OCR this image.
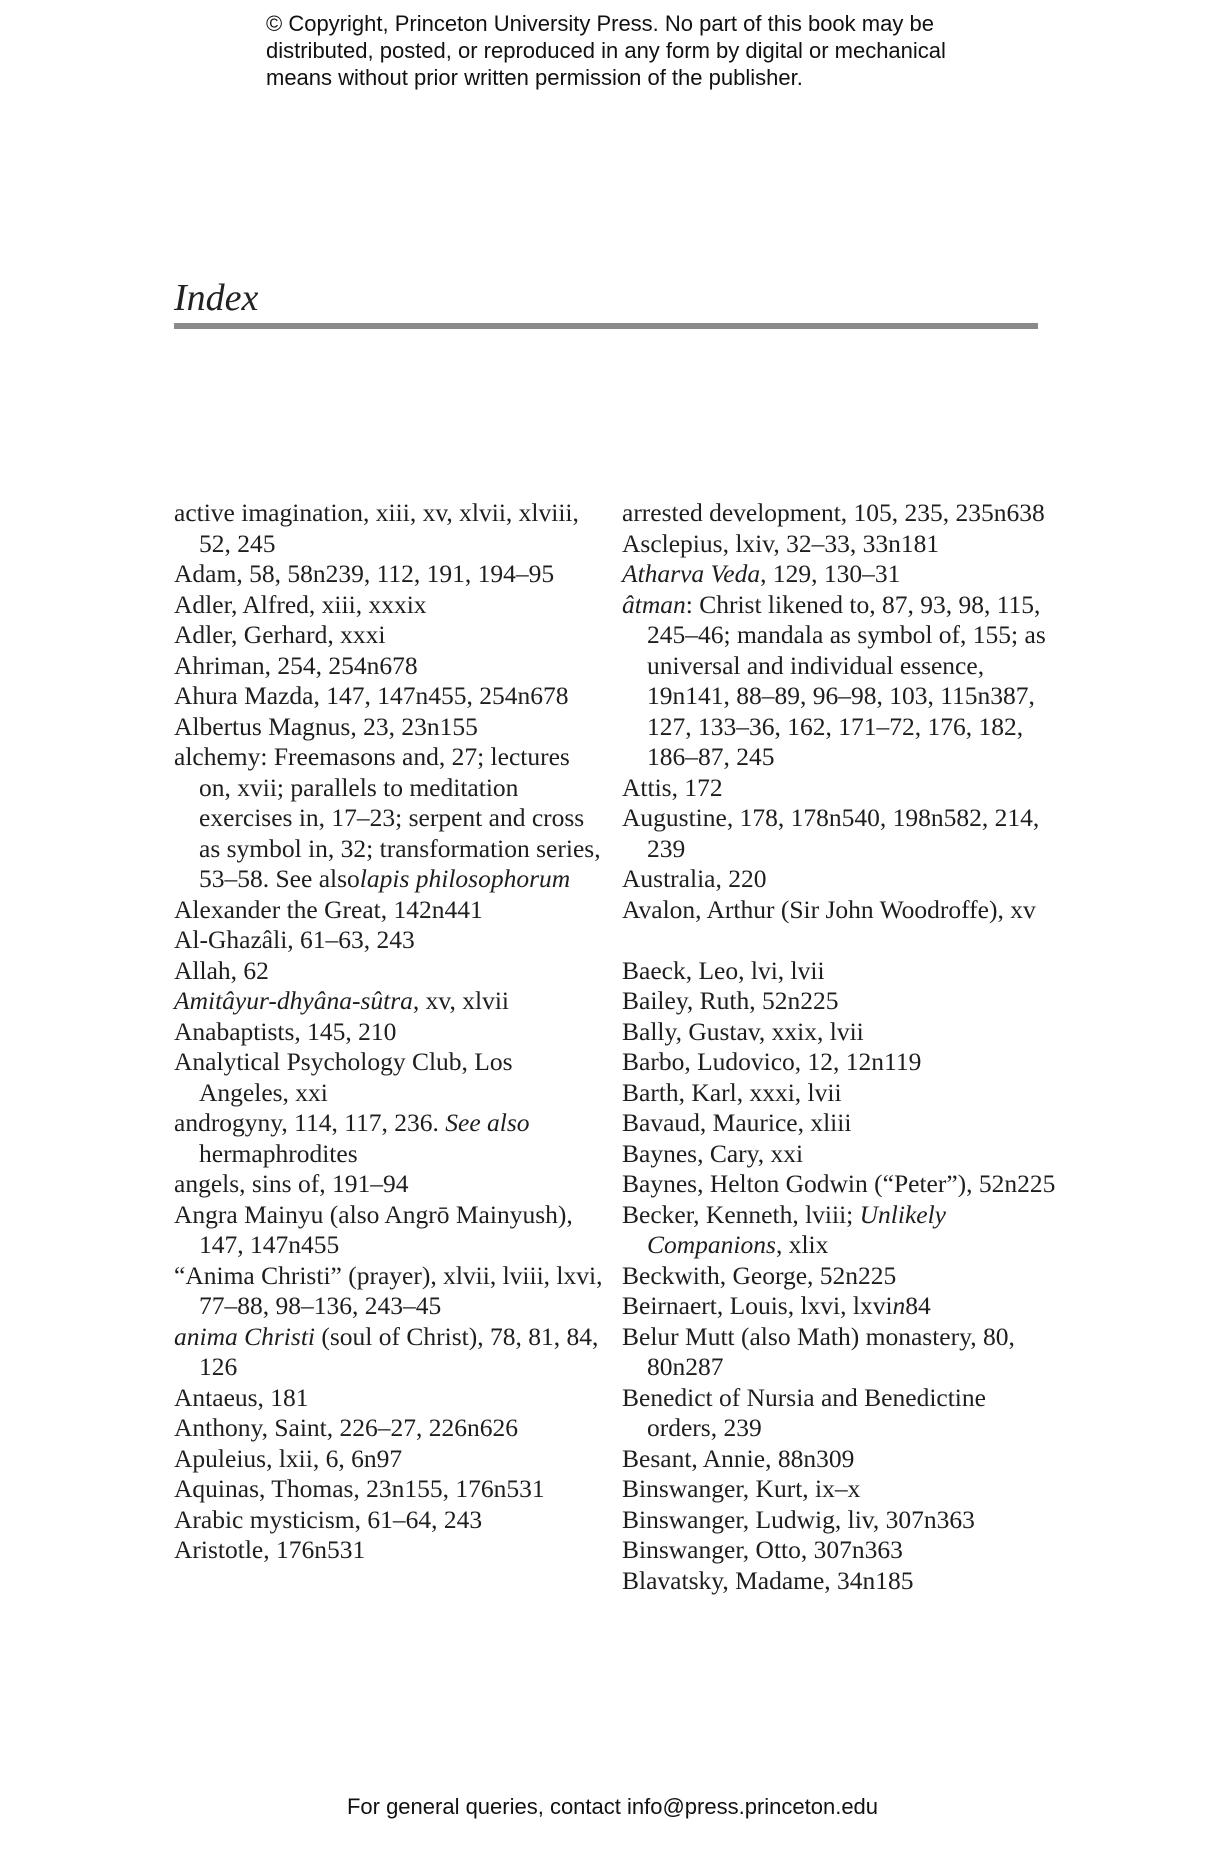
© Copyright, Princeton University Press. No part of this book may be
distributed, posted, or reproduced in any form by digital or mechanical
means without prior written permission of the publisher.
Index
active imagination, xiii, xv, xlvii, xlviii, 52, 245
Adam, 58, 58n239, 112, 191, 194–95
Adler, Alfred, xiii, xxxix
Adler, Gerhard, xxxi
Ahriman, 254, 254n678
Ahura Mazda, 147, 147n455, 254n678
Albertus Magnus, 23, 23n155
alchemy: Freemasons and, 27; lectures on, xvii; parallels to meditation exercises in, 17–23; serpent and cross as symbol in, 32; transformation series, 53–58. See alsolapis philosophorum
Alexander the Great, 142n441
Al-Ghazâli, 61–63, 243
Allah, 62
Amitâyur-dhyâna-sûtra, xv, xlvii
Anabaptists, 145, 210
Analytical Psychology Club, Los Angeles, xxi
androgyny, 114, 117, 236. See also hermaphrodites
angels, sins of, 191–94
Angra Mainyu (also Angrō Mainyush), 147, 147n455
“Anima Christi” (prayer), xlvii, lviii, lxvi, 77–88, 98–136, 243–45
anima Christi (soul of Christ), 78, 81, 84, 126
Antaeus, 181
Anthony, Saint, 226–27, 226n626
Apuleius, lxii, 6, 6n97
Aquinas, Thomas, 23n155, 176n531
Arabic mysticism, 61–64, 243
Aristotle, 176n531
arrested development, 105, 235, 235n638
Asclepius, lxiv, 32–33, 33n181
Atharva Veda, 129, 130–31
âtman: Christ likened to, 87, 93, 98, 115, 245–46; mandala as symbol of, 155; as universal and individual essence, 19n141, 88–89, 96–98, 103, 115n387, 127, 133–36, 162, 171–72, 176, 182, 186–87, 245
Attis, 172
Augustine, 178, 178n540, 198n582, 214, 239
Australia, 220
Avalon, Arthur (Sir John Woodroffe), xv
Baeck, Leo, lvi, lvii
Bailey, Ruth, 52n225
Bally, Gustav, xxix, lvii
Barbo, Ludovico, 12, 12n119
Barth, Karl, xxxi, lvii
Bavaud, Maurice, xliii
Baynes, Cary, xxi
Baynes, Helton Godwin (“Peter”), 52n225
Becker, Kenneth, lviii; Unlikely Companions, xlix
Beckwith, George, 52n225
Beirnaert, Louis, lxvi, lxvin84
Belur Mutt (also Math) monastery, 80, 80n287
Benedict of Nursia and Benedictine orders, 239
Besant, Annie, 88n309
Binswanger, Kurt, ix–x
Binswanger, Ludwig, liv, 307n363
Binswanger, Otto, 307n363
Blavatsky, Madame, 34n185
For general queries, contact info@press.princeton.edu
